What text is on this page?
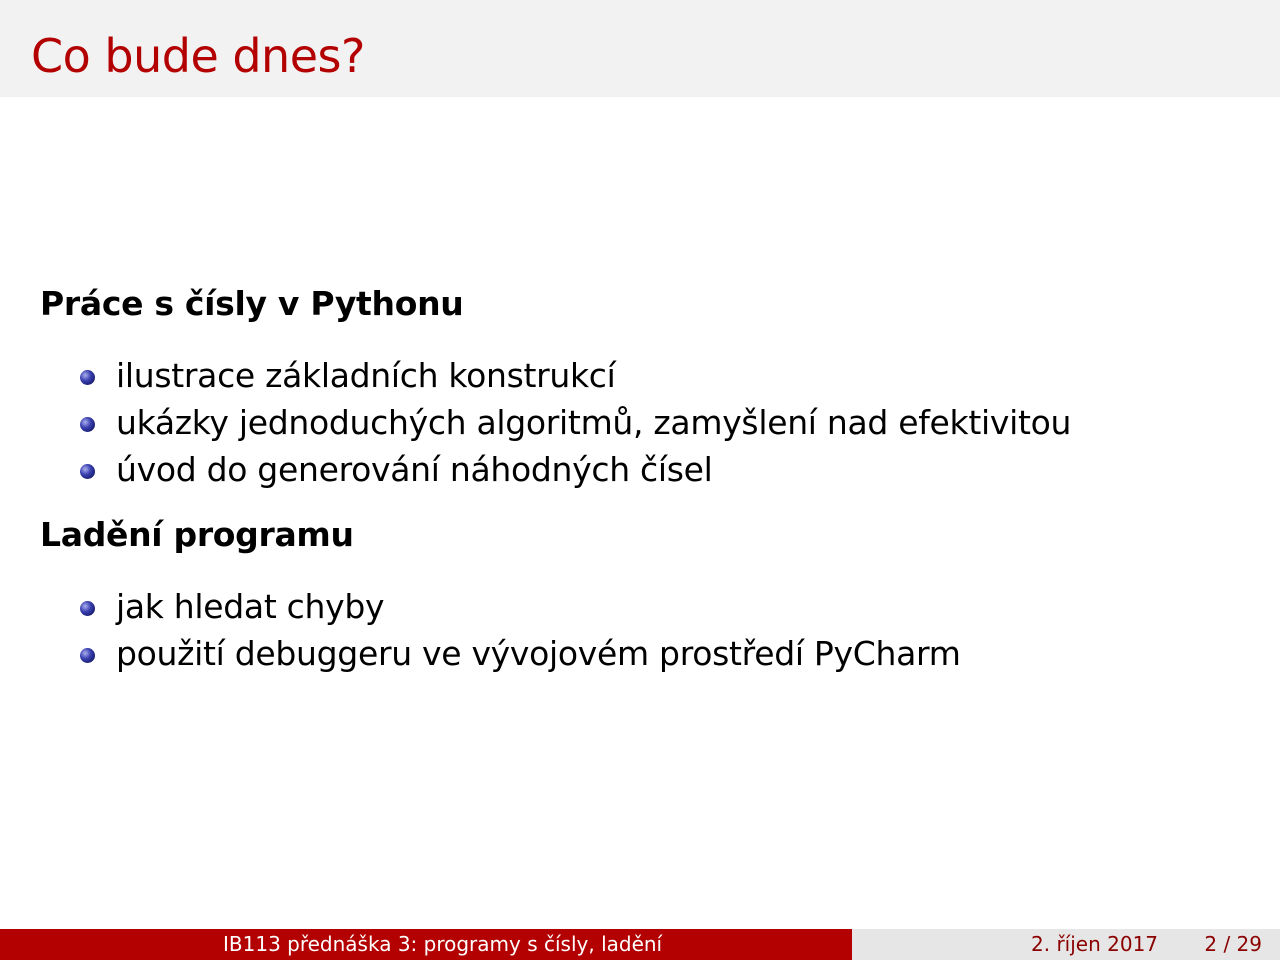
Co bude dnes?
Práce s čísly v Pythonu
ilustrace základních konstrukcí
ukázky jednoduchých algoritmů, zamyšlení nad efektivitou
úvod do generování náhodných čísel
Ladění programu
jak hledat chyby
použití debuggeru ve vývojovém prostředí PyCharm
IB113 přednáška 3: programy s čísly, ladění	2. říjen 2017 2 / 29
